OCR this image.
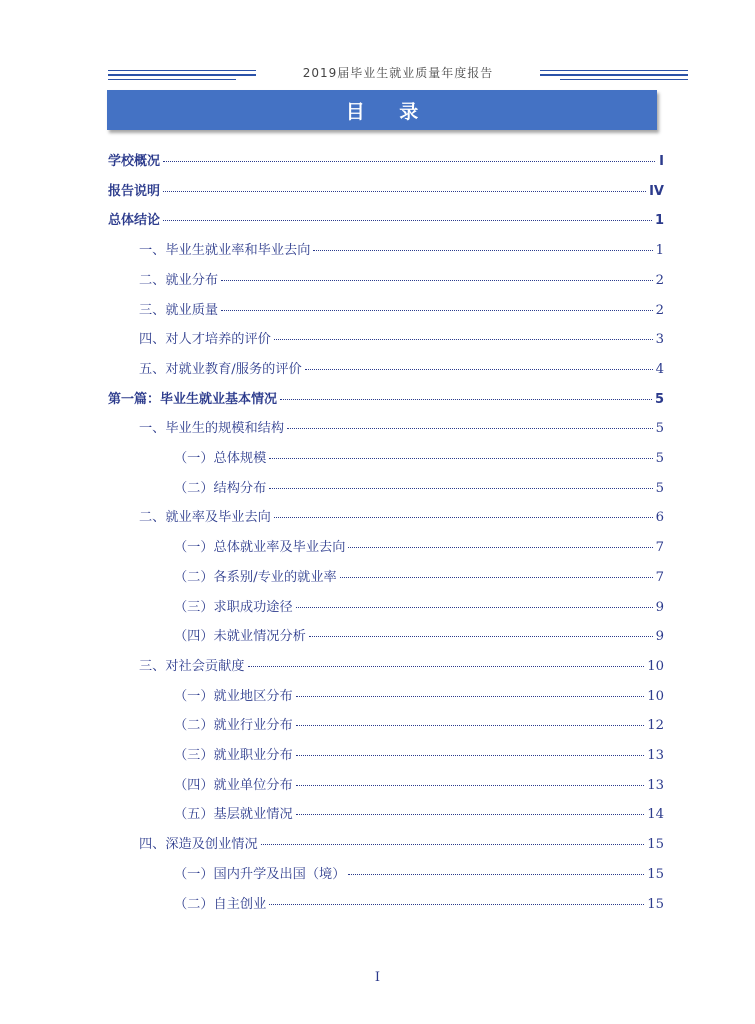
2019届毕业生就业质量年度报告
目 录
学校概况	I
报告说明	IV
总体结论	1
一、毕业生就业率和毕业去向	1
二、就业分布	2
三、就业质量	2
四、对人才培养的评价	3
五、对就业教育/服务的评价	4
第一篇：毕业生就业基本情况	5
一、毕业生的规模和结构	5
（一）总体规模	5
（二）结构分布	5
二、就业率及毕业去向	6
（一）总体就业率及毕业去向	7
（二）各系别/专业的就业率	7
（三）求职成功途径	9
（四）未就业情况分析	9
三、对社会贡献度	10
（一）就业地区分布	10
（二）就业行业分布	12
（三）就业职业分布	13
（四）就业单位分布	13
（五）基层就业情况	14
四、深造及创业情况	15
（一）国内升学及出国（境）	15
（二）自主创业	15
I
